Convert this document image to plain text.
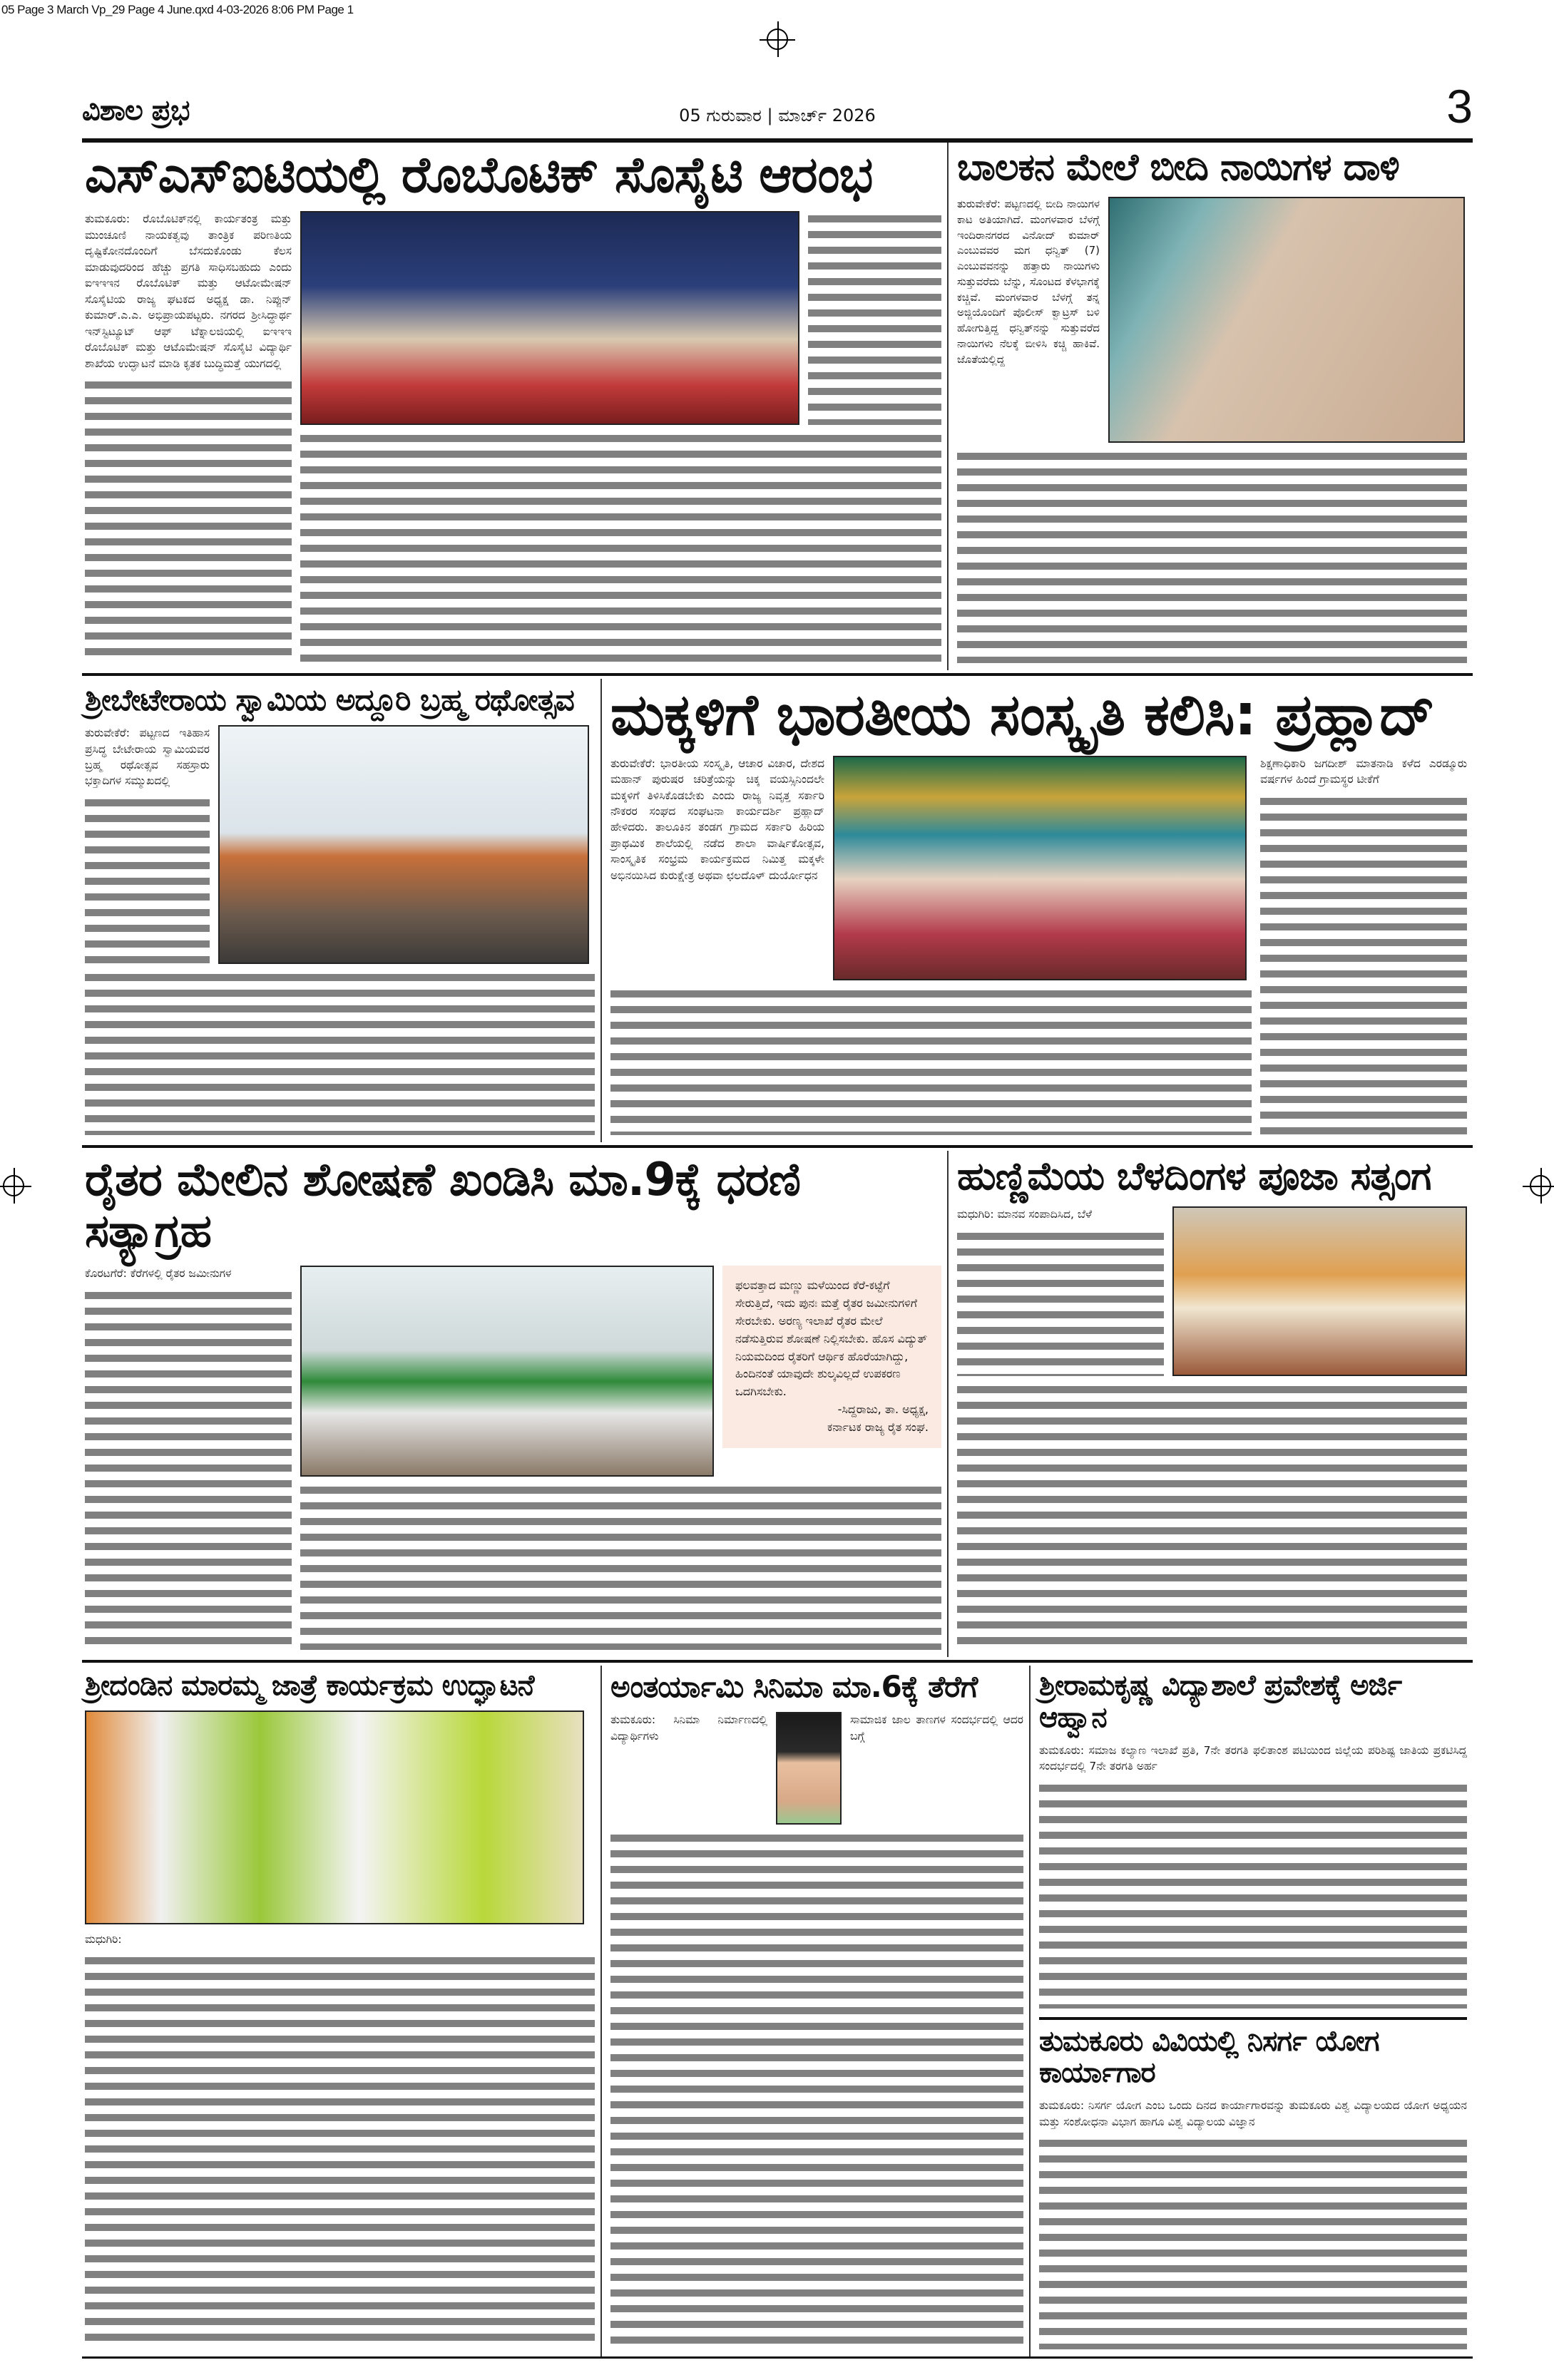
05 Page 3 March Vp_29 Page 4 June.qxd 4-03-2026 8:06 PM Page 1
ವಿಶಾಲ ಪ್ರಭ	05 ಗುರುವಾರ | ಮಾರ್ಚ್ 2026	3
ಎಸ್‌ಎಸ್‌ಐಟಿಯಲ್ಲಿ ರೊಬೊಟಿಕ್ ಸೊಸೈಟಿ ಆರಂಭ
ತುಮಕೂರು: ರೊಬೊಟಿಕ್‌ನಲ್ಲಿ ಕಾರ್ಯತಂತ್ರ ಮತ್ತು ಮುಂಚೂಣಿ ನಾಯಕತ್ವವು ತಾಂತ್ರಿಕ ಪರಿಣತಿಯ ದೃಷ್ಟಿಕೋನದೊಂದಿಗೆ ಬೆಸದುಕೊಂಡು ಕೆಲಸ ಮಾಡುವುದರಿಂದ ಹೆಚ್ಚು ಪ್ರಗತಿ ಸಾಧಿಸಬಹುದು ಎಂದು ಐಇಇಇನ ರೊಬೊಟಿಕ್ ಮತ್ತು ಆಟೋಮೇಷನ್ ಸೊಸೈಟಿಯ ರಾಜ್ಯ ಘಟಕದ ಅಧ್ಯಕ್ಷ ಡಾ. ನಿಪ್ಪುನ್ ಕುಮಾರ್.ಎ.ಎ. ಅಭಿಪ್ರಾಯಪಟ್ಟರು. ನಗರದ ಶ್ರೀಸಿದ್ಧಾರ್ಥ ಇನ್‌ಸ್ಟಿಟ್ಯೂಟ್ ಆಫ್ ಟೆಕ್ನಾಲಜಿಯಲ್ಲಿ ಐಇಇಇ ರೊಬೊಟಿಕ್ ಮತ್ತು ಆಟೊಮೇಷನ್ ಸೊಸೈಟಿ ವಿದ್ಯಾರ್ಥಿ ಶಾಖೆಯ ಉದ್ಘಾಟನೆ ಮಾಡಿ ಕೃತಕ ಬುದ್ಧಿಮತ್ತೆ ಯುಗದಲ್ಲಿ
ಬಾಲಕನ ಮೇಲೆ ಬೀದಿ ನಾಯಿಗಳ ದಾಳಿ
ತುರುವೇಕೆರೆ: ಪಟ್ಟಣದಲ್ಲಿ ಬೀದಿ ನಾಯಿಗಳ ಕಾಟ ಅತಿಯಾಗಿದೆ. ಮಂಗಳವಾರ ಬೆಳಗ್ಗೆ ಇಂದಿರಾನಗರದ ವಿನೋದ್ ಕುಮಾರ್ ಎಂಬುವವರ ಮಗ ಧನ್ವಿತ್ (7) ಎಂಬುವವನನ್ನು ಹತ್ತಾರು ನಾಯಿಗಳು ಸುತ್ತುವರೆದು ಬೆನ್ನು, ಸೊಂಟದ ಕೆಳಭಾಗಕ್ಕೆ ಕಚ್ಚಿವೆ. ಮಂಗಳವಾರ ಬೆಳಗ್ಗೆ ತನ್ನ ಅಜ್ಜಿಯೊಂದಿಗೆ ಪೊಲೀಸ್ ಕ್ವಾಟ್ರಸ್ ಬಳಿ ಹೋಗುತ್ತಿದ್ದ ಧನ್ವಿತ್‌ನನ್ನು ಸುತ್ತುವರೆದ ನಾಯಿಗಳು ನೆಲಕ್ಕೆ ಬೀಳಿಸಿ ಕಚ್ಚಿ ಹಾಕಿವೆ. ಜೊತೆಯಲ್ಲಿದ್ದ
ಶ್ರೀಬೇಟೇರಾಯ ಸ್ವಾಮಿಯ ಅದ್ದೂರಿ ಬ್ರಹ್ಮ ರಥೋತ್ಸವ
ತುರುವೇಕೆರೆ: ಪಟ್ಟಣದ ಇತಿಹಾಸ ಪ್ರಸಿದ್ಧ ಬೇಟೇರಾಯ ಸ್ವಾಮಿಯವರ ಬ್ರಹ್ಮ ರಥೋತ್ಸವ ಸಹಸ್ರಾರು ಭಕ್ತಾದಿಗಳ ಸಮ್ಮುಖದಲ್ಲಿ
ಮಕ್ಕಳಿಗೆ ಭಾರತೀಯ ಸಂಸ್ಕೃತಿ ಕಲಿಸಿ: ಪ್ರಹ್ಲಾದ್
ತುರುವೇಕೆರೆ: ಭಾರತೀಯ ಸಂಸ್ಕೃತಿ, ಆಚಾರ ವಿಚಾರ, ದೇಶದ ಮಹಾನ್ ಪುರುಷರ ಚರಿತ್ರೆಯನ್ನು ಚಿಕ್ಕ ವಯಸ್ಸಿನಿಂದಲೇ ಮಕ್ಕಳಿಗೆ ತಿಳಿಸಿಕೊಡಬೇಕು ಎಂದು ರಾಜ್ಯ ನಿವೃತ್ತ ಸರ್ಕಾರಿ ನೌಕರರ ಸಂಘದ ಸಂಘಟನಾ ಕಾರ್ಯದರ್ಶಿ ಪ್ರಹ್ಲಾದ್ ಹೇಳಿದರು. ತಾಲೂಕಿನ ತಂಡಗ ಗ್ರಾಮದ ಸರ್ಕಾರಿ ಹಿರಿಯ ಪ್ರಾಥಮಿಕ ಶಾಲೆಯಲ್ಲಿ ನಡೆದ ಶಾಲಾ ವಾರ್ಷಿಕೋತ್ಸವ, ಸಾಂಸ್ಕೃತಿಕ ಸಂಭ್ರಮ ಕಾರ್ಯಕ್ರಮದ ನಿಮಿತ್ತ ಮಕ್ಕಳೇ ಅಭಿನಯಿಸಿದ ಕುರುಕ್ಷೇತ್ರ ಅಥವಾ ಛಲದೊಳ್ ದುರ್ಯೋಧನ
ಶಿಕ್ಷಣಾಧಿಕಾರಿ ಜಗದೀಶ್ ಮಾತನಾಡಿ ಕಳೆದ ಎರಡ್ಮೂರು ವರ್ಷಗಳ ಹಿಂದೆ ಗ್ರಾಮಸ್ಥರ ಟೀಕೆಗೆ
ರೈತರ ಮೇಲಿನ ಶೋಷಣೆ ಖಂಡಿಸಿ ಮಾ.9ಕ್ಕೆ ಧರಣಿ ಸತ್ಯಾಗ್ರಹ
ಕೊರಟಗೆರೆ: ಕೆರೆಗಳಲ್ಲಿ ರೈತರ ಜಮೀನುಗಳ
ಫಲವತ್ತಾದ ಮಣ್ಣು ಮಳೆಯಿಂದ ಕೆರೆ-ಕಟ್ಟೆಗೆ ಸೇರುತ್ತಿದೆ, ಇದು ಪುನಃ ಮತ್ತೆ ರೈತರ ಜಮೀನುಗಳಿಗೆ ಸೇರಬೇಕು. ಅರಣ್ಯ ಇಲಾಖೆ ರೈತರ ಮೇಲೆ ನಡೆಸುತ್ತಿರುವ ಶೋಷಣೆ ನಿಲ್ಲಿಸಬೇಕು. ಹೊಸ ವಿದ್ಯುತ್ ನಿಯಮದಿಂದ ರೈತರಿಗೆ ಆರ್ಥಿಕ ಹೊರೆಯಾಗಿದ್ದು, ಹಿಂದಿನಂತೆ ಯಾವುದೇ ಶುಲ್ಕವಿಲ್ಲದೆ ಉಪಕರಣ ಒದಗಿಸಬೇಕು.
-ಸಿದ್ದರಾಜು, ತಾ. ಅಧ್ಯಕ್ಷ,
ಕರ್ನಾಟಕ ರಾಜ್ಯ ರೈತ ಸಂಘ.
ಹುಣ್ಣಿಮೆಯ ಬೆಳದಿಂಗಳ ಪೂಜಾ ಸತ್ಸಂಗ
ಮಧುಗಿರಿ: ಮಾನವ ಸಂಪಾದಿಸಿದ, ಬೆಳೆ
ಶ್ರೀದಂಡಿನ ಮಾರಮ್ಮ ಜಾತ್ರೆ ಕಾರ್ಯಕ್ರಮ ಉದ್ಘಾಟನೆ
ಮಧುಗಿರಿ:
ಅಂತರ್ಯಾಮಿ ಸಿನಿಮಾ ಮಾ.6ಕ್ಕೆ ತೆರೆಗೆ
ತುಮಕೂರು: ಸಿನಿಮಾ ನಿರ್ಮಾಣದಲ್ಲಿ ವಿದ್ಯಾರ್ಥಿಗಳು
ಸಾಮಾಜಿಕ ಜಾಲ ತಾಣಗಳ ಸಂದರ್ಭದಲ್ಲಿ ಆದರ ಬಗ್ಗೆ
ಶ್ರೀರಾಮಕೃಷ್ಣ ವಿದ್ಯಾಶಾಲೆ ಪ್ರವೇಶಕ್ಕೆ ಅರ್ಜಿ ಆಹ್ವಾನ
ತುಮಕೂರು: ಸಮಾಜ ಕಲ್ಯಾಣ ಇಲಾಖೆ ಪ್ರತಿ, 7ನೇ ತರಗತಿ ಫಲಿತಾಂಶ ಪಟಿಯಿಂದ ಜಿಲ್ಲೆಯ ಪರಿಶಿಷ್ಟ ಜಾತಿಯ ಪ್ರಕಟಿಸಿದ್ದ ಸಂದರ್ಭದಲ್ಲಿ 7ನೇ ತರಗತಿ ಅರ್ಹ
ತುಮಕೂರು ವಿವಿಯಲ್ಲಿ ನಿಸರ್ಗ ಯೋಗ ಕಾರ್ಯಾಗಾರ
ತುಮಕೂರು: ನಿಸರ್ಗ ಯೋಗ ಎಂಬ ಒಂದು ದಿನದ ಕಾರ್ಯಾಗಾರವನ್ನು ತುಮಕೂರು ವಿಶ್ವ ವಿದ್ಯಾಲಯದ ಯೋಗ ಅಧ್ಯಯನ ಮತ್ತು ಸಂಶೋಧನಾ ವಿಭಾಗ ಹಾಗೂ ವಿಶ್ವ ವಿದ್ಯಾಲಯ ವಿಜ್ಞಾನ
